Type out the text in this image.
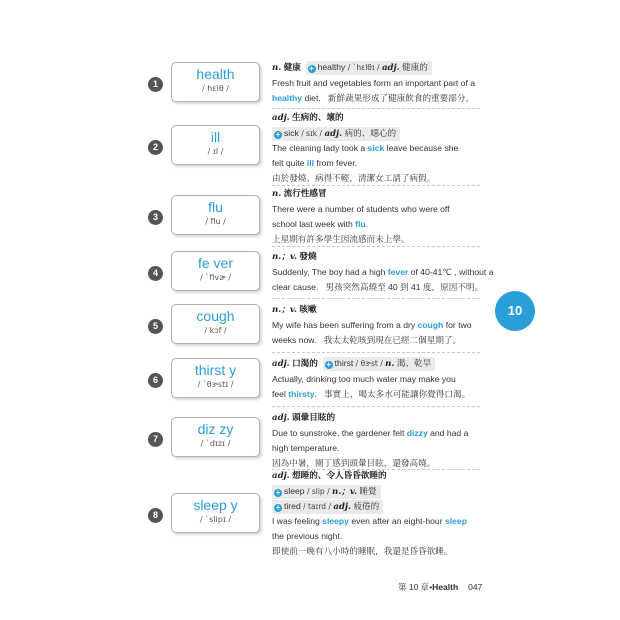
1
health
/ hɛlθ /
n. 健康 + healthy / ˋhɛlθɪ / adj. 健康的
Fresh fruit and vegetables form an important part of a
healthy diet. 新鮮蔬果形成了健康飲食的重要部分。
2
ill
/ ɪl /
adj. 生病的、壞的
+ sick / sɪk / adj. 病的、噁心的
The cleaning lady took a sick leave because she
felt quite ill from fever.
由於發燒、病得不輕，清潔女工請了病假。
3
flu
/ flu /
n. 流行性感冒
There were a number of students who were off
school last week with flu.
上星期有許多學生因流感而未上學。
4
fe ver
/ ˋfivɚ /
n.；v. 發燒
Suddenly, The boy had a high fever of 40-41℃ , without a
clear cause. 男孩突然高燒至 40 到 41 度，原因不明。
5
cough
/ kɔf /
n.；v. 咳嗽
My wife has been suffering from a dry cough for two
weeks now. 我太太乾咳到現在已經二個星期了。
6
thirst y
/ ˋθɝstɪ /
adj. 口渴的 + thirst / θɝst / n. 渴、乾旱
Actually, drinking too much water may make you
feel thirsty. 事實上，喝太多水可能讓你覺得口渴。
7
diz zy
/ ˋdɪzɪ /
adj. 頭暈目眩的
Due to sunstroke, the gardener felt dizzy and had a
high temperature.
因為中暑，園丁感到頭暈目眩，還發高燒。
8
sleep y
/ ˋslipɪ /
adj. 想睡的、令人昏昏欲睡的
+ sleep / slip / n.；v. 睡覺
+ tired / taɪrd / adj. 疲倦的
I was feeling sleepy even after an eight-hour sleep
the previous night.
即使前一晚有八小時的睡眠，我還是昏昏欲睡。
10
第 10 章•Health 047
